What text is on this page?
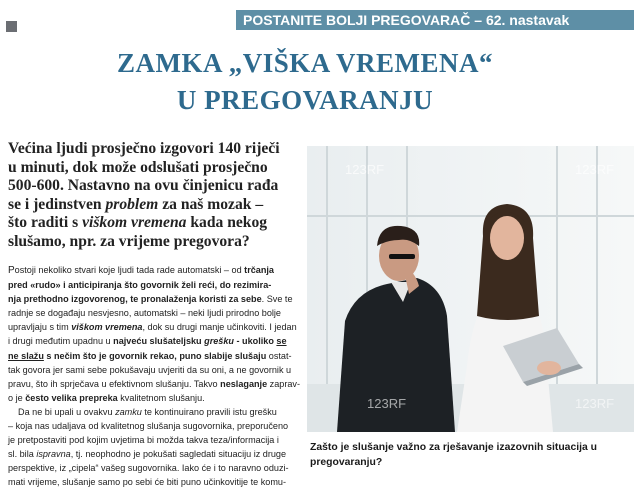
POSTANITE BOLJI PREGOVARAČ – 62. nastavak
ZAMKA „VIŠKA VREMENA“
U PREGOVARANJU
Većina ljudi prosječno izgovori 140 riječi
u minuti, dok može odslušati prosječno
500-600. Nastavno na ovu činjenicu rađa
se i jedinstven problem za naš mozak –
što raditi s viškom vremena kada nekog
slušamo, npr. za vrijeme pregovora?
Postoji nekoliko stvari koje ljudi tada rade automatski – od trčanja
pred «rudo» i anticipiranja što govornik želi reći, do rezimira-
nja prethodno izgovorenog, te pronalaženja koristi za sebe. Sve te
radnje se događaju nesvjesno, automatski – neki ljudi prirodno bolje
upravljaju s tim viškom vremena, dok su drugi manje učinkoviti. I jedan
i drugi međutim upadnu u najveću slušateljsku grešku - ukoliko se
ne slažu s nečim što je govornik rekao, puno slabije slušaju ostat-
tak govora jer sami sebe pokušavaju uvjeriti da su oni, a ne govornik u
pravu, što ih sprječava u efektivnom slušanju. Takvo neslaganje zaprav-
o je često velika prepreka kvalitetnom slušanju.
Da ne bi upali u ovakvu zamku te kontinuirano pravili istu grešku
– koja nas udaljava od kvalitetnog slušanja sugovornika, preporučeno
je pretpostaviti pod kojim uvjetima bi možda takva teza/informacija i
sl. bila ispravna, tj. neophodno je pokušati sagledati situaciju iz druge
perspektive, iz „cipela“ vašeg sugovornika. Iako će i to naravno oduzi-
mati vrijeme, slušanje samo po sebi će biti puno učinkovitije te komu-
123RF	123RF
123RF	123RF
Zašto je slušanje važno za rješavanje izazovnih situacija u
pregovaranju?
